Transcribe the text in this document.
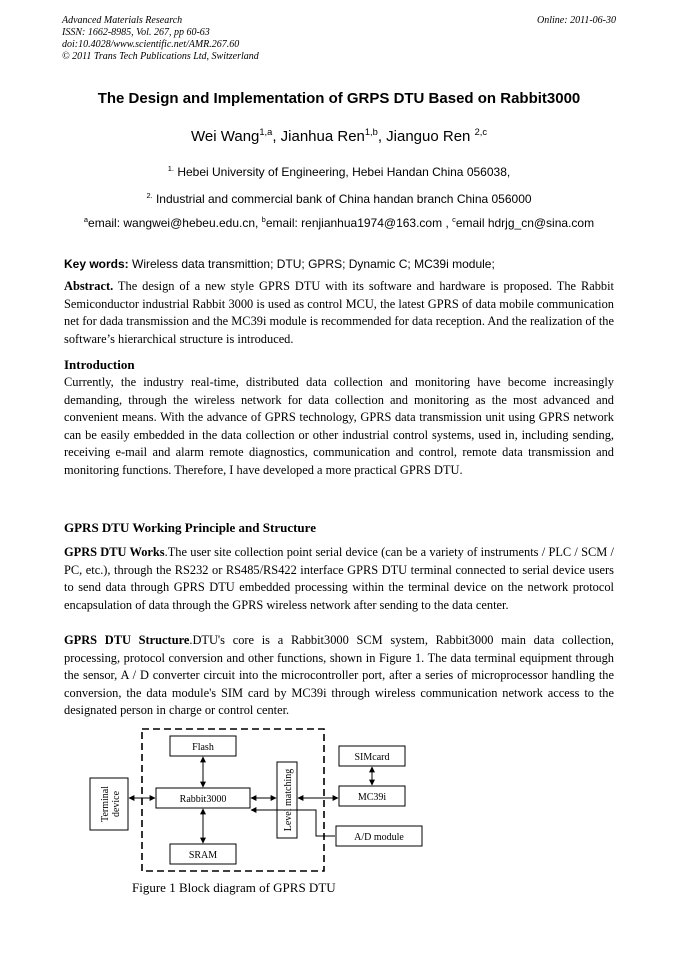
Advanced Materials Research
ISSN: 1662-8985, Vol. 267, pp 60-63
doi:10.4028/www.scientific.net/AMR.267.60
© 2011 Trans Tech Publications Ltd, Switzerland
Online: 2011-06-30
The Design and Implementation of GRPS DTU Based on Rabbit3000
Wei Wang$^{1,a}$, Jianhua Ren$^{1,b}$, Jianguo Ren $^{2,c}$
$^{1.}$ Hebei University of Engineering, Hebei Handan China 056038,
$^{2.}$ Industrial and commercial bank of China handan branch China 056000
$^a$email: wangwei@hebeu.edu.cn, $^b$email: renjianhua1974@163.com , $^c$email hdrjg_cn@sina.com
Key words: Wireless data transmittion; DTU; GPRS; Dynamic C; MC39i module;
Abstract. The design of a new style GPRS DTU with its software and hardware is proposed. The Rabbit Semiconductor industrial Rabbit 3000 is used as control MCU, the latest GPRS of data mobile communication net for dada transmission and the MC39i module is recommended for data reception. And the realization of the software’s hierarchical structure is introduced.
Introduction
Currently, the industry real-time, distributed data collection and monitoring have become increasingly demanding, through the wireless network for data collection and monitoring as the most advanced and convenient means. With the advance of GPRS technology, GPRS data transmission unit using GPRS network can be easily embedded in the data collection or other industrial control systems, used in, including sending, receiving e-mail and alarm remote diagnostics, communication and control, remote data transmission and monitoring functions. Therefore, I have developed a more practical GPRS DTU.
GPRS DTU Working Principle and Structure
GPRS DTU Works.The user site collection point serial device (can be a variety of instruments / PLC / SCM / PC, etc.), through the RS232 or RS485/RS422 interface GPRS DTU terminal connected to serial device users to send data through GPRS DTU embedded processing within the terminal device on the network protocol encapsulation of data through the GPRS wireless network after sending to the data center.
GPRS DTU Structure.DTU's core is a Rabbit3000 SCM system, Rabbit3000 main data collection, processing, protocol conversion and other functions, shown in Figure 1. The data terminal equipment through the sensor, A / D converter circuit into the microcontroller port, after a series of microprocessor handling the conversion, the data module's SIM card by MC39i through wireless communication network access to the designated person in charge or control center.
Terminal device
Flash
Rabbit3000
SRAM
Level matching
SIMcard
MC39i
A/D module
Figure 1 Block diagram of GPRS DTU
